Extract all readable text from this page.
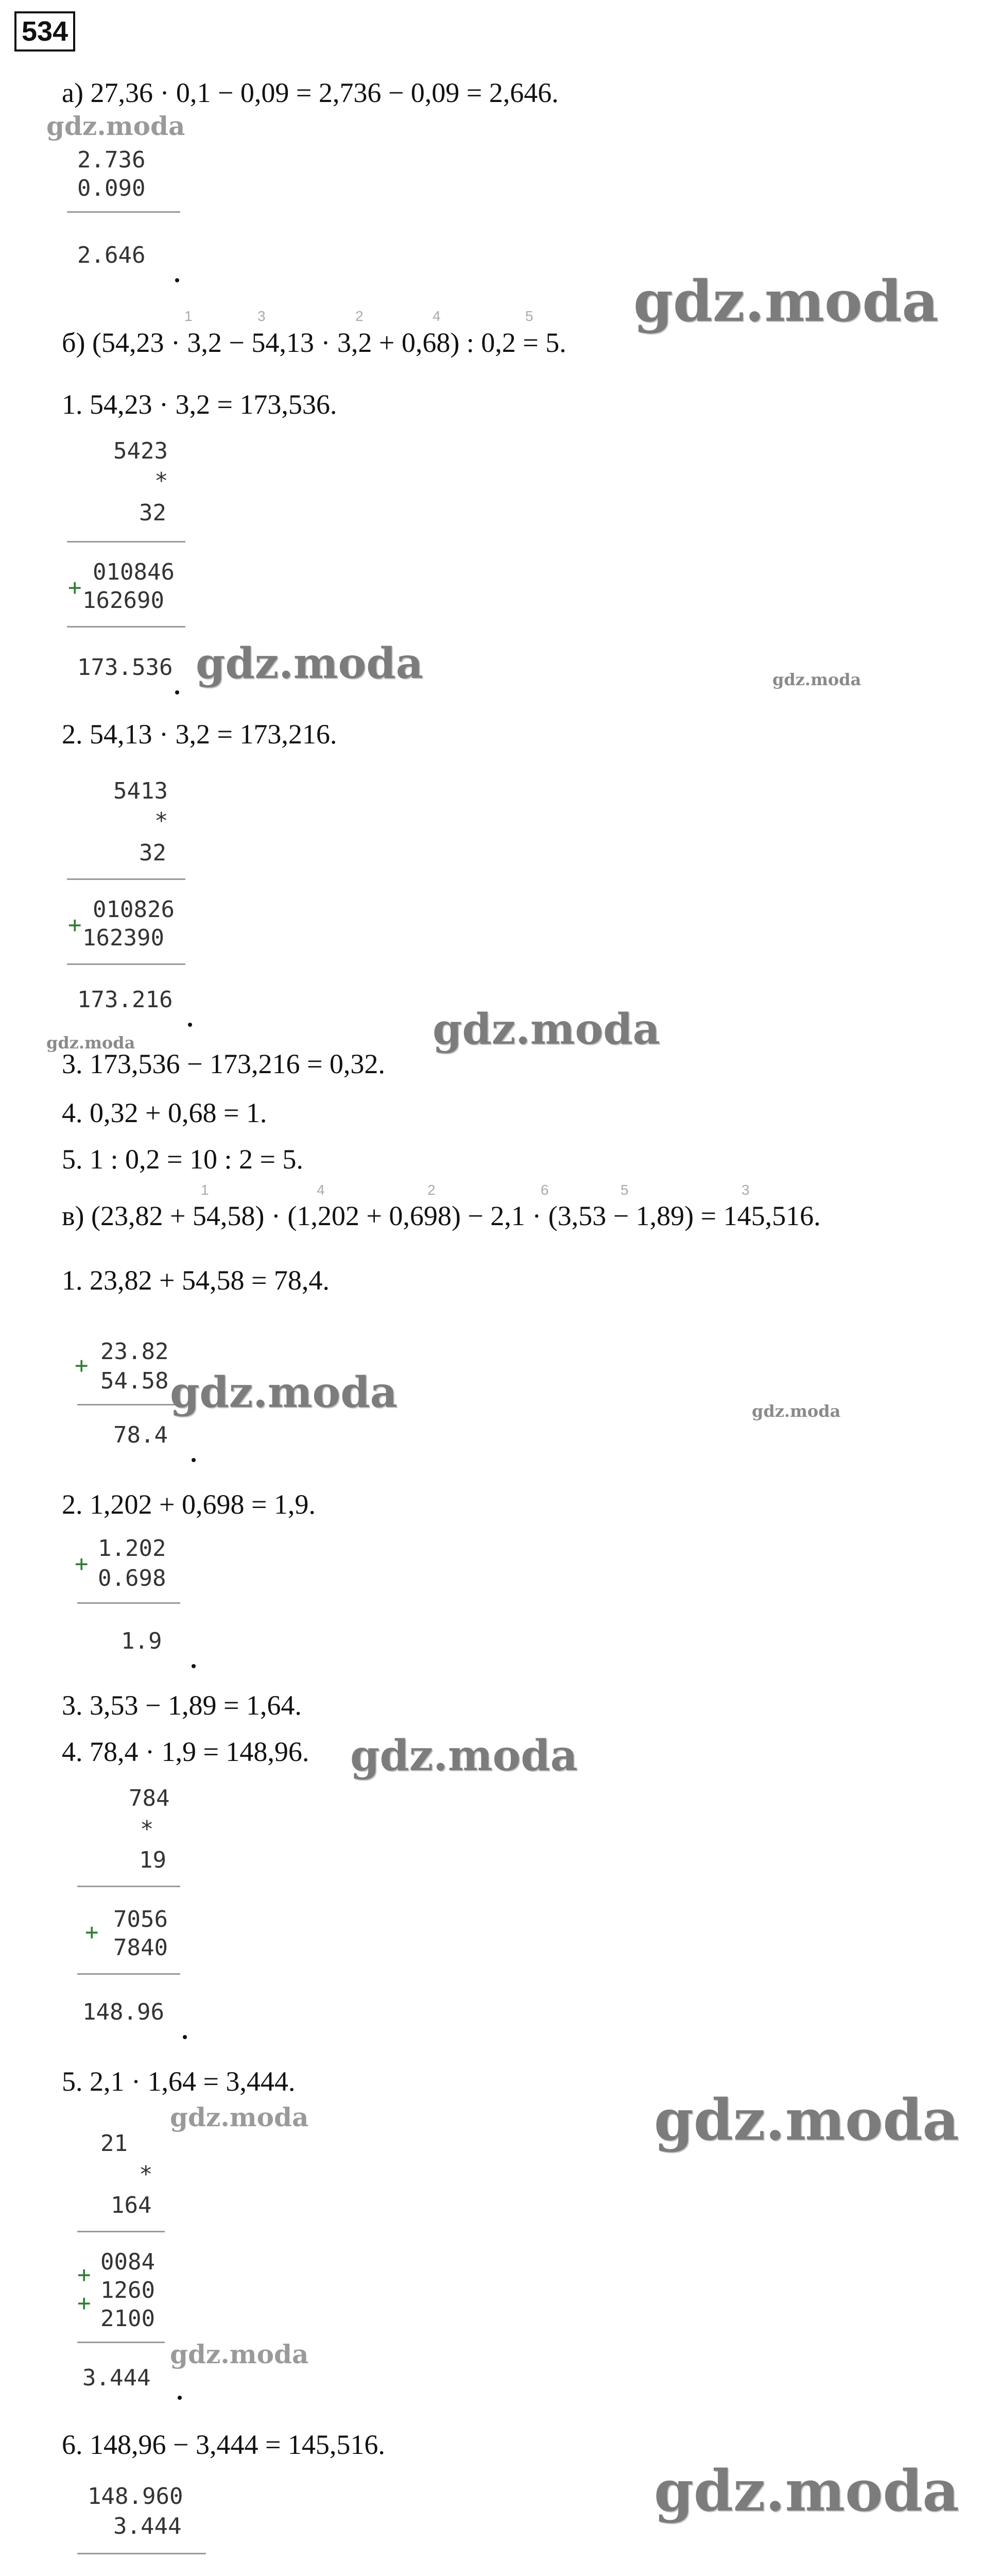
534
а) 27,36 · 0,1 − 0,09 = 2,736 − 0,09 = 2,646.
2.736
0.090
2.646
б) (54,23 · 3,2 − 54,13 · 3,2 + 0,68) : 0,2 = 5.
1	3	2	4	5
1. 54,23 · 3,2 = 173,536.
5423
*
32
+
010846
162690
173.536
2. 54,13 · 3,2 = 173,216.
5413
*
32
+
010826
162390
173.216
3. 173,536 − 173,216 = 0,32.
4. 0,32 + 0,68 = 1.
5. 1 : 0,2 = 10 : 2 = 5.
в) (23,82 + 54,58) · (1,202 + 0,698) − 2,1 · (3,53 − 1,89) = 145,516.
1	4	2	6	5	3
1. 23,82 + 54,58 = 78,4.
+
23.82
54.58
78.4
2. 1,202 + 0,698 = 1,9.
+
1.202
0.698
1.9
3. 3,53 − 1,89 = 1,64.
4. 78,4 · 1,9 = 148,96.
784
*
19
+ 7056
7840
148.96
5. 2,1 · 1,64 = 3,444.
21
*
164
+
+
0084
1260
2100
3.444
6. 148,96 − 3,444 = 145,516.
148.960
3.444
gdz.moda
gdz.moda
gdz.moda	gdz.moda
gdz.moda
gdz.moda
gdz.moda	gdz.moda
gdz.moda
gdz.moda	gdz.moda
gdz.moda
gdz.moda
